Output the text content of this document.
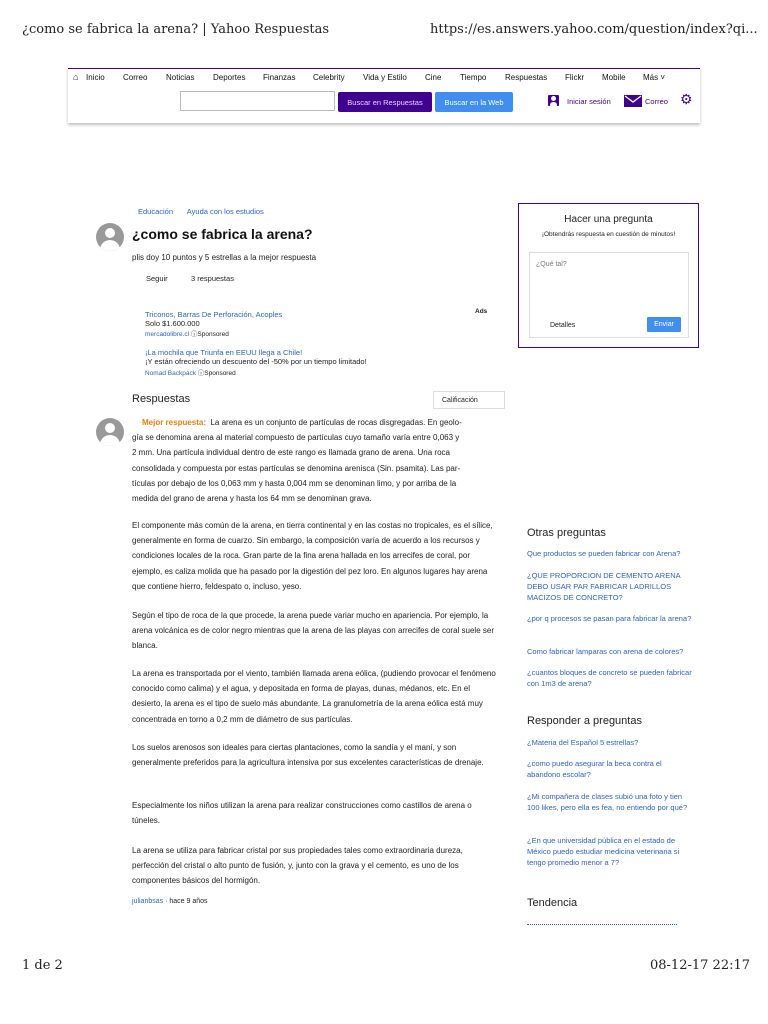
¿como se fabrica la arena? | Yahoo Respuestas	https://es.answers.yahoo.com/question/index?qi...
⌂ Inicio Correo Noticias Deportes Finanzas Celebrity Vida y Estilo Cine Tiempo Respuestas Flickr Mobile Más ˅
Buscar en Respuestas	Buscar en la Web	Iniciar sesión	Correo ⚙
Educación Ayuda con los estudios
¿como se fabrica la arena?
plis doy 10 puntos y 5 estrellas a la mejor respuesta
Seguir	3 respuestas
Ads
Triconos, Barras De Perforación, Acoples
Solo $1.600.000
mercadolibre.cl ⓘSponsored
¡La mochila que Triunfa en EEUU llega a Chile!
¡Y están ofreciendo un descuento del -50% por un tiempo limitado!
Nomad Backpack ⓘSponsored
Respuestas	Calificación
Mejor respuesta: La arena es un conjunto de partículas de rocas disgregadas. En geolo-
gía se denomina arena al material compuesto de partículas cuyo tamaño varía entre 0,063 y
2 mm. Una partícula individual dentro de este rango es llamada grano de arena. Una roca
consolidada y compuesta por estas partículas se denomina arenisca (Sin. psamita). Las par-
tículas por debajo de los 0,063 mm y hasta 0,004 mm se denominan limo, y por arriba de la
medida del grano de arena y hasta los 64 mm se denominan grava.
El componente más común de la arena, en tierra continental y en las costas no tropicales, es el sílice, generalmente en forma de cuarzo. Sin embargo, la composición varía de acuerdo a los recursos y condiciones locales de la roca. Gran parte de la fina arena hallada en los arrecifes de coral, por ejemplo, es caliza molida que ha pasado por la digestión del pez loro. En algunos lugares hay arena que contiene hierro, feldespato o, incluso, yeso.
Según el tipo de roca de la que procede, la arena puede variar mucho en apariencia. Por ejemplo, la arena volcánica es de color negro mientras que la arena de las playas con arrecifes de coral suele ser blanca.
La arena es transportada por el viento, también llamada arena eólica, (pudiendo provocar el fenómeno conocido como calima) y el agua, y depositada en forma de playas, dunas, médanos, etc. En el desierto, la arena es el tipo de suelo más abundante. La granulometría de la arena eólica está muy concentrada en torno a 0,2 mm de diámetro de sus partículas.
Los suelos arenosos son ideales para ciertas plantaciones, como la sandía y el maní, y son generalmente preferidos para la agricultura intensiva por sus excelentes características de drenaje.
Especialmente los niños utilizan la arena para realizar construcciones como castillos de arena o túneles.
La arena se utiliza para fabricar cristal por sus propiedades tales como extraordinaria dureza, perfección del cristal o alto punto de fusión, y, junto con la grava y el cemento, es uno de los componentes básicos del hormigón.
julianbsas · hace 9 años
Hacer una pregunta
¡Obtendrás respuesta en cuestión de minutos!
¿Qué tal?
Detalles	Enviar
Otras preguntas
Que productos se pueden fabricar con Arena?
¿QUE PROPORCION DE CEMENTO ARENA DEBO USAR PAR FABRICAR LADRILLOS MACIZOS DE CONCRETO?
¿por q procesos se pasan para fabricar la arena?
Como fabricar lamparas con arena de colores?
¿cuantos bloques de concreto se pueden fabricar con 1m3 de arena?
Responder a preguntas
¿Materia del Español 5 estrellas?
¿como puedo asegurar la beca contra el abandono escolar?
¿Mi compañera de clases subió una foto y tien 100 likes, pero ella es fea, no entiendo por qué?
¿En que universidad pública en el estado de México puedo estudiar medicina veterinaria si tengo promedio menor a 7?
Tendencia
1 de 2	08-12-17 22:17
